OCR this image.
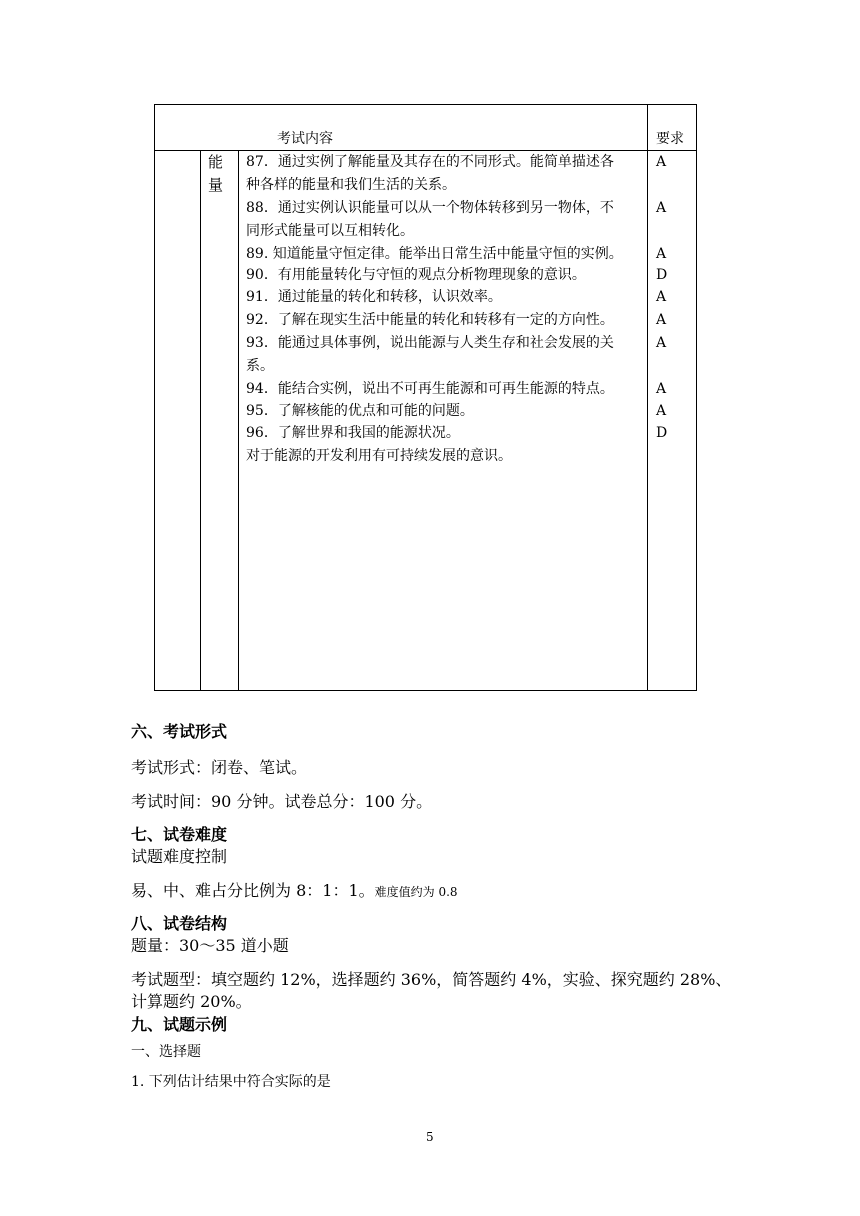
考试内容	要求
能量
87．通过实例了解能量及其存在的不同形式。能简单描述各
种各样的能量和我们生活的关系。
88．通过实例认识能量可以从一个物体转移到另一物体，不
同形式能量可以互相转化。
89. 知道能量守恒定律。能举出日常生活中能量守恒的实例。
90．有用能量转化与守恒的观点分析物理现象的意识。
91．通过能量的转化和转移，认识效率。
92．了解在现实生活中能量的转化和转移有一定的方向性。
93．能通过具体事例，说出能源与人类生存和社会发展的关
系。
94．能结合实例，说出不可再生能源和可再生能源的特点。
95．了解核能的优点和可能的问题。
96．了解世界和我国的能源状况。
对于能源的开发利用有可持续发展的意识。
A
A
A
D
A
A
A
A
A
D
六、考试形式
考试形式：闭卷、笔试。
考试时间：90 分钟。试卷总分：100 分。
七、试卷难度
试题难度控制
易、中、难占分比例为 8：1：1。难度值约为 0.8
八、试卷结构
题量：30～35 道小题
考试题型：填空题约 12%，选择题约 36%，简答题约 4%，实验、探究题约 28%、
计算题约 20%。
九、试题示例
一、选择题
1. 下列估计结果中符合实际的是
5
